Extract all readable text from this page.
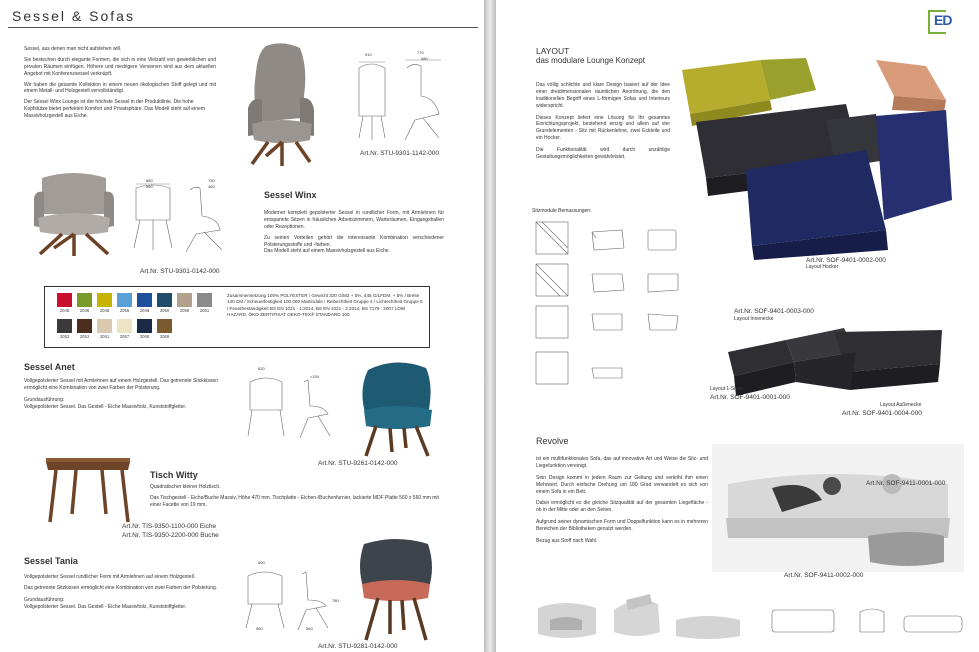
Sessel & Sofas
Sessel, aus denen man nicht aufstehen will.
Sie bestechen durch elegante Formen, die sich in eine Vielzahl von gewerblichen und privaten Räumen einfügen. Höhere und niedrigere Versionen sind aus dem aktuellen Angebot mit Konferenzsessel verknüpft.
Wir haben die gesamte Kollektion in einem neuen ökologischen Stoff gelegt und mit einem Metall- und Holzgestell vervollständigt.
Der Sessel Winx Lounge ist der höchste Sessel in der Produktlinie. Die hohe Kopfstütze bietet perfekten Komfort und Privatsphäre. Das Modell steht auf einem Massivholzgestell aus Eiche.
910	770
480
Art.Nr. STU-9301-1142-000
880
560
730
460
Art.Nr. STU-9301-0142-000
Sessel Winx
Moderner komplett gepolsterter Sessel in rundlicher Form, mit Armlehnen für entspannte Sitzen in häuslichen Arbeitszimmern, Warteräumen, Eingangshallen oder Rezeptionen.
Zu seinen Vorteilen gehört die interessante Kombination verschiedener Polsterungsstoffe und -farben.
Das Modell steht auf einem Massivholzgestell aus Eiche.
2045	2046	2048	2055	2049	2050	2058	2051
2052	2053	2061	2067	2068	2069
Zusammensetzung 100% POLYESTER / Gewicht 320 G/M2 + 5%, 445 G/LFDM. + 5% / Breite 140 CM / Scheuerfestigkeit 100.000 Martindale / Reibechtheit Gruppe 4 / Lichtechtheit Gruppe 5 / Feuerbeständigkeit BS EN 1021 - 1:2014, BS EN 1021 - 2:2014, BS 7176 : 2007 LOW HAZARD. ÖKO-ZERTIFIKAT OEKO-TEX® STANDARD 100
Sessel Anet
Vollgepolsterter Sessel mit Armlehnen auf einem Holzgestell. Das getrennte Stickkissen ermöglicht eine Kombination von zwei Farben der Polsterung.
Grundausführung:
Vollgepolsterter Sessel. Das Gestell - Eiche Massivholz, Kunststoffgleiter.
620
<150
Art.Nr. STU-9261-0142-000
Tisch Witty
Quadratischer kleiner Holztisch.
Das Tischgestell - Eiche/Buche Massiv, Höhe 470 mm. Tischplatte - Eichen-/Buchenfurnier, lackierte MDF Platte 560 x 560 mm mit einer Facette von 19 mm.
Art.Nr. TIS-9350-1100-000 Eiche
Art.Nr. TIS-9350-2200-000 Buche
Sessel Tania
Vollgepolsterter Sessel rundlicher Form mit Armlehnen auf einem Holzgestell.
Das getrennte Sitzkissen ermöglicht eine Kombination von zwei Farben der Polsterung.
Grundausführung:
Vollgepolsterter Sessel. Das Gestell - Eiche Massivholz, Kunststoffgleiter.
600
560	560
780
Art.Nr. STU-9281-0142-000
ED
LAYOUT
das modulare Lounge Konzept
Das völlig schlichte und klare Design basiert auf der Idee einer dreidimensionalen räumlichen Anordnung, die den traditionellen Begriff eines L-förmigen Sofas und Interieurs widerspricht.
Dieses Konzept liefert eine Lösung für Ihr gesamtes Einrichtungsprojekt, bestehend einzig und allein auf vier Grundelementen - Sitz mit Rückenlehne, zwei Eckteile und ein Hocker.
Die Funktionalität wird durch unzählige Gestaltungsmöglichkeiten gewährleistet.
Art.Nr. SOF-9401-0002-000
Layout Hocker
Sitzmodule Bemassungen:
Art.Nr. SOF-9401-0003-000
Layout Innenecke
Layout 1-Sitzer
Art.Nr. SOF-9401-0001-000
Layout Außenecke
Art.Nr. SOF-9401-0004-000
Revolve
ist ein multifunktionales Sofa, das auf innovative Art und Weise die Sitz- und Liegefunktion vereinigt.
Sein Design kommt in jedem Raum zur Geltung und verleiht ihm einen Mehrwert. Durch einfache Drehung um 180 Grad verwandelt es sich von einem Sofa in ein Bett.
Dabei ermöglicht es die gleiche Sitzqualität auf der gesamten Liegefläche - ob in der Mitte oder an den Seiten.
Aufgrund seiner dynamischen Form und Doppelfunktion kann es in mehreren Bereichen der Bibliotheken genutzt werden.
Bezug aus Stoff nach Wahl.
Art.Nr. SOF-9411-0001-000
Art.Nr. SOF-9411-0002-000
